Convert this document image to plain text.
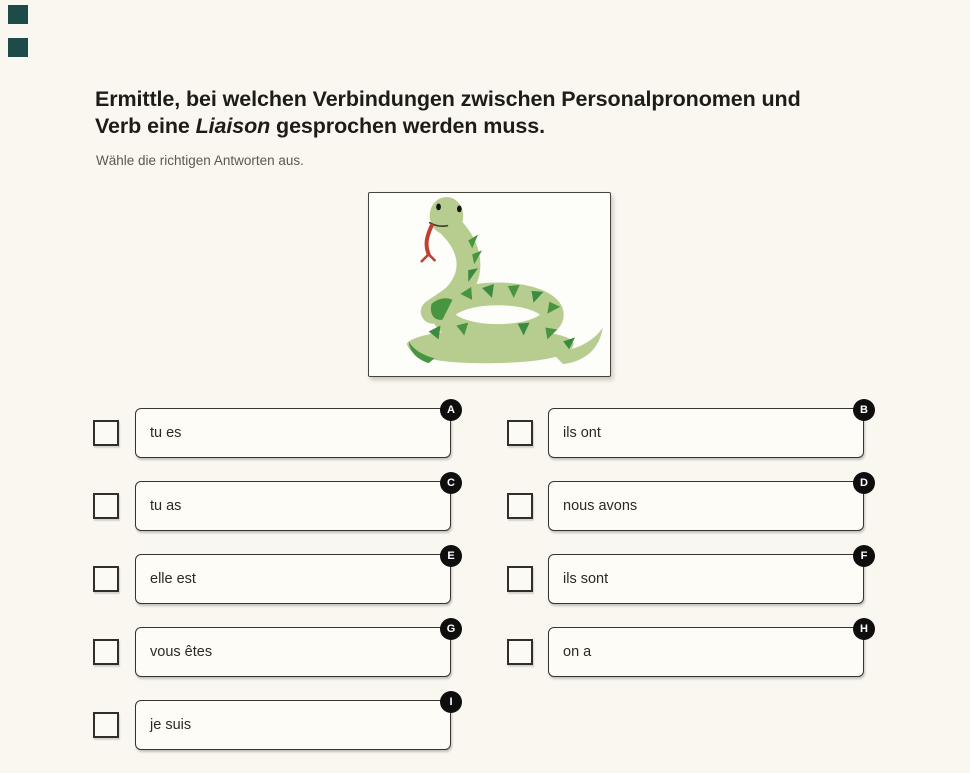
Ermittle, bei welchen Verbindungen zwischen Personalpronomen und
Verb eine Liaison gesprochen werden muss.

Wähle die richtigen Antworten aus.

tu es
A
ils ont
B
tu as
C
nous avons
D
elle est
E
ils sont
F
vous êtes
G
on a
H
je suis
I
